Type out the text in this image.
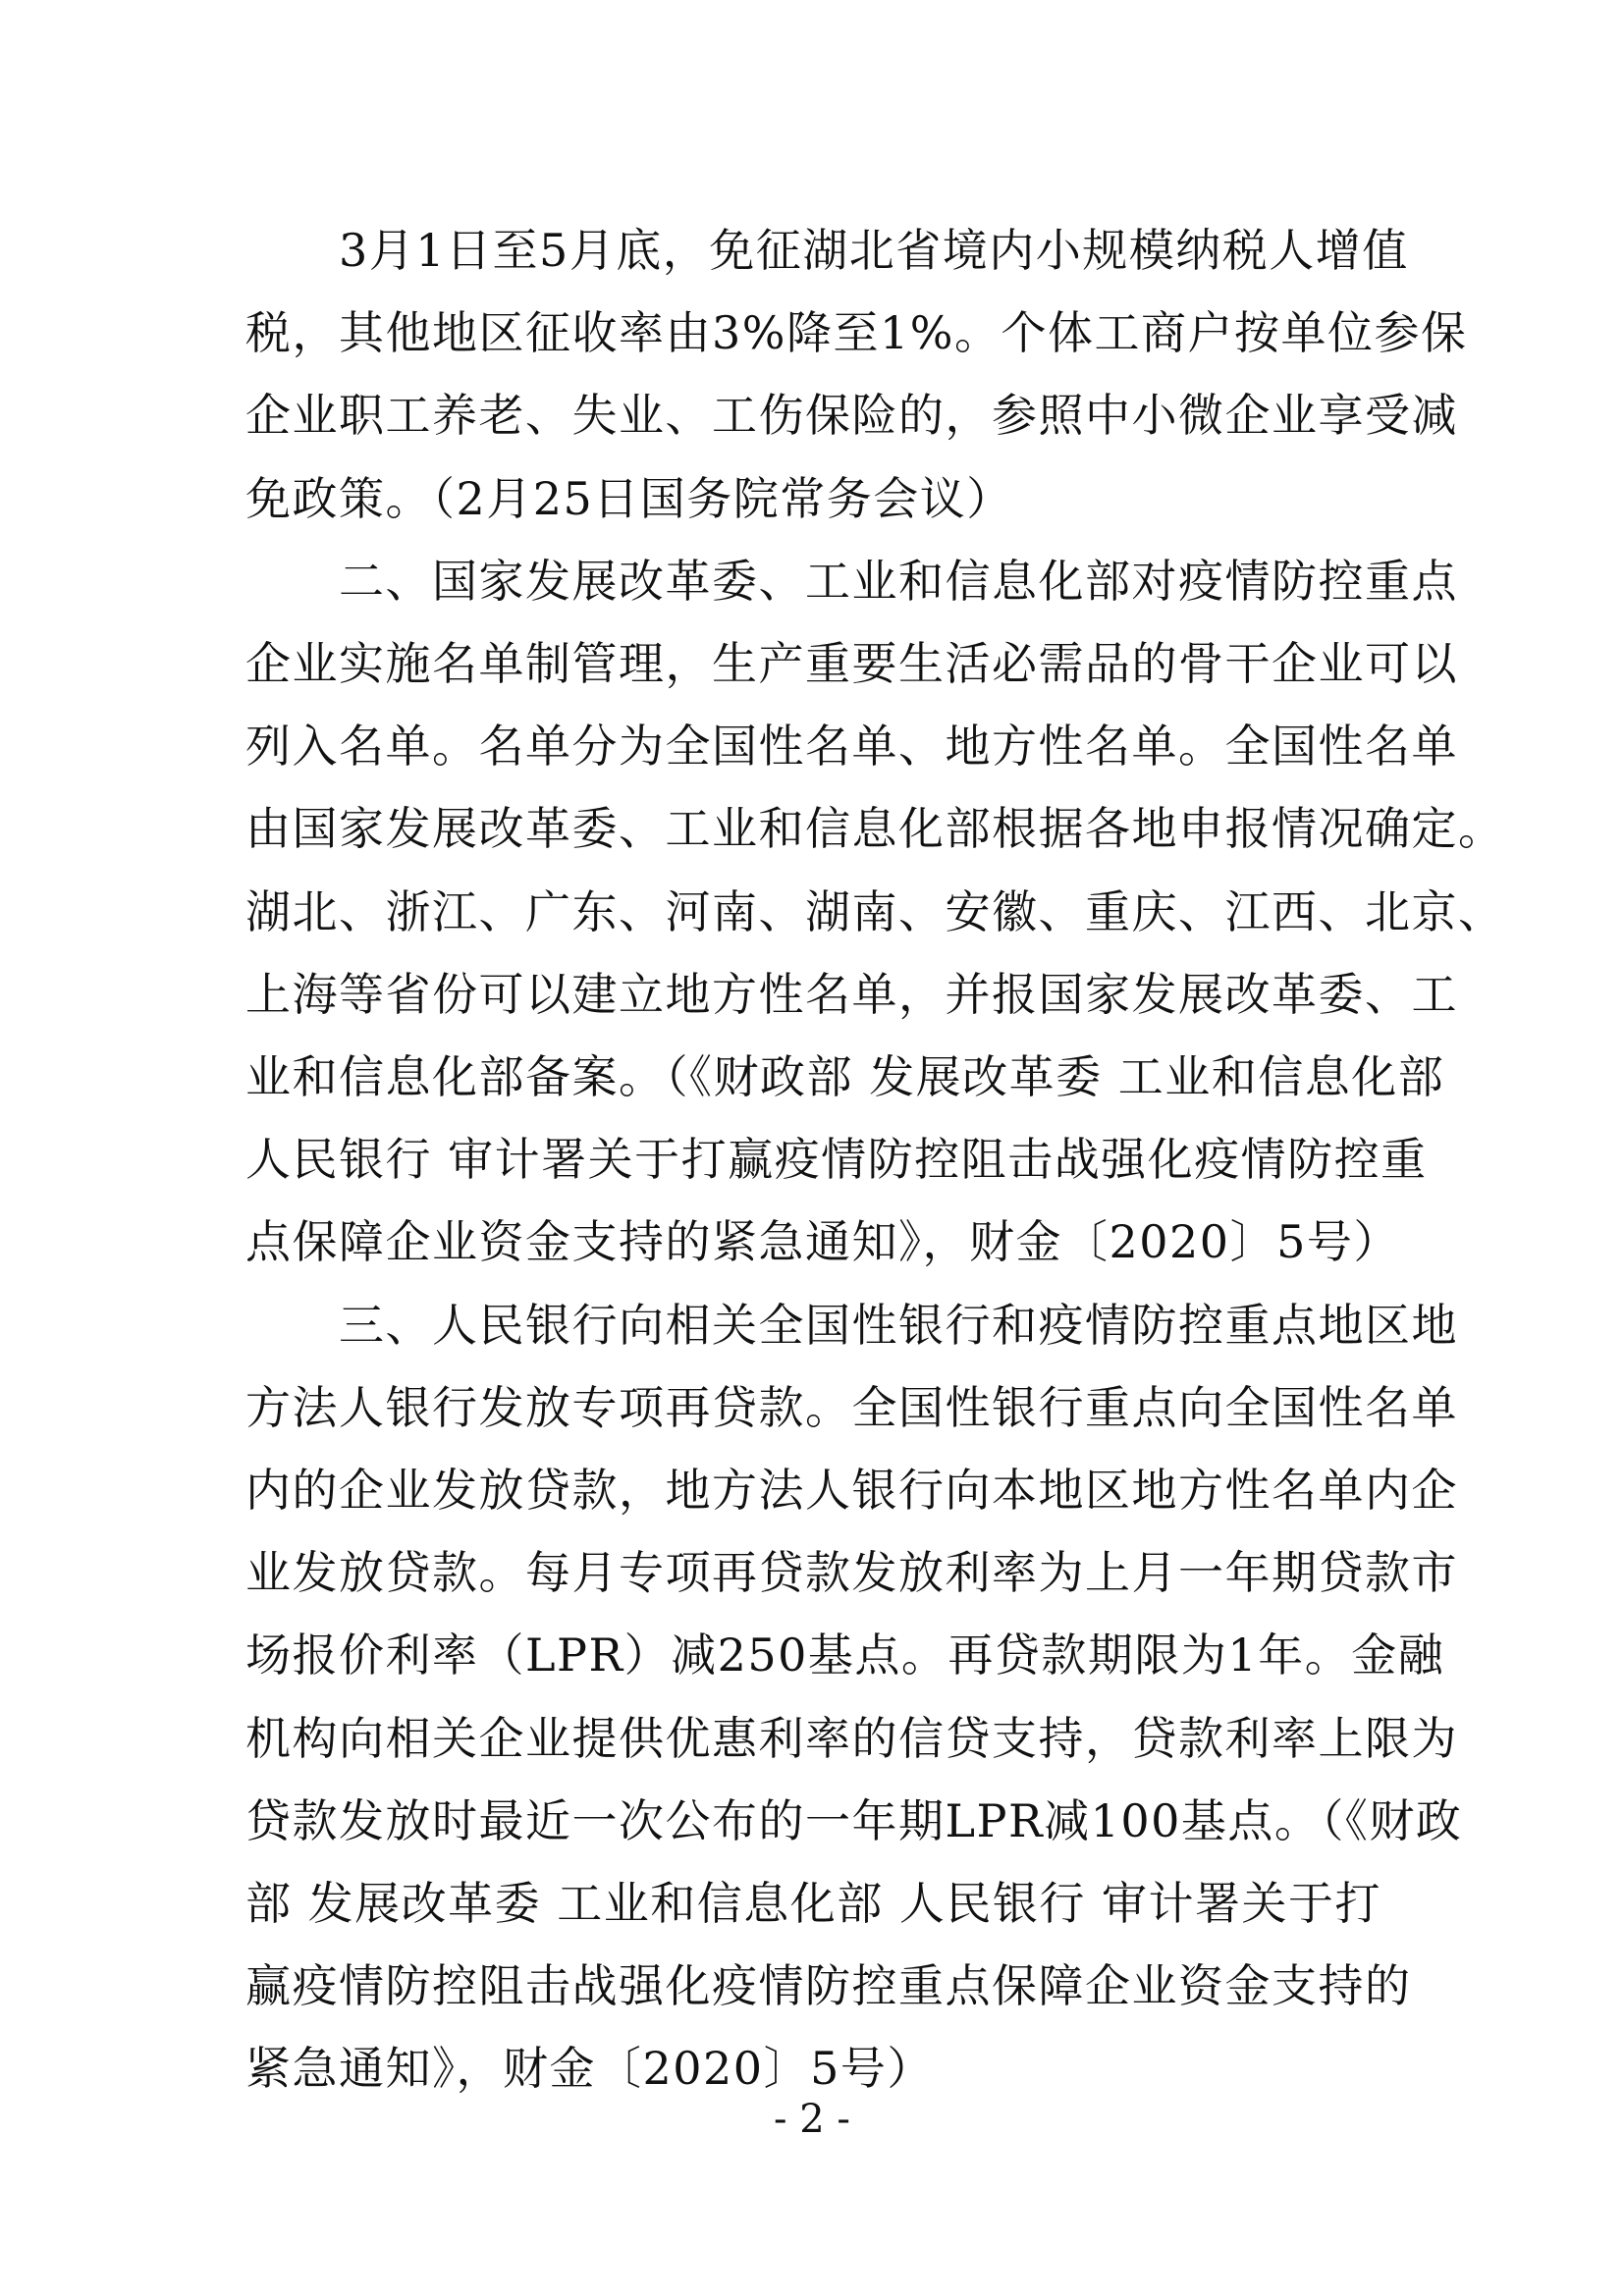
　　3月1日至5月底，免征湖北省境内小规模纳税人增值

税，其他地区征收率由3%降至1%。个体工商户按单位参保

企业职工养老、失业、工伤保险的，参照中小微企业享受减

免政策。（2月25日国务院常务会议）

　　二、国家发展改革委、工业和信息化部对疫情防控重点

企业实施名单制管理，生产重要生活必需品的骨干企业可以

列入名单。名单分为全国性名单、地方性名单。全国性名单

由国家发展改革委、工业和信息化部根据各地申报情况确定。

湖北、浙江、广东、河南、湖南、安徽、重庆、江西、北京、

上海等省份可以建立地方性名单，并报国家发展改革委、工

业和信息化部备案。（《财政部 发展改革委 工业和信息化部

人民银行 审计署关于打赢疫情防控阻击战强化疫情防控重

点保障企业资金支持的紧急通知》，财金〔2020〕5号）

　　三、人民银行向相关全国性银行和疫情防控重点地区地

方法人银行发放专项再贷款。全国性银行重点向全国性名单

内的企业发放贷款，地方法人银行向本地区地方性名单内企

业发放贷款。每月专项再贷款发放利率为上月一年期贷款市

场报价利率（LPR）减250基点。再贷款期限为1年。金融

机构向相关企业提供优惠利率的信贷支持，贷款利率上限为

贷款发放时最近一次公布的一年期LPR减100基点。（《财政

部 发展改革委 工业和信息化部 人民银行 审计署关于打

赢疫情防控阻击战强化疫情防控重点保障企业资金支持的

紧急通知》，财金〔2020〕5号）

- 2 -
